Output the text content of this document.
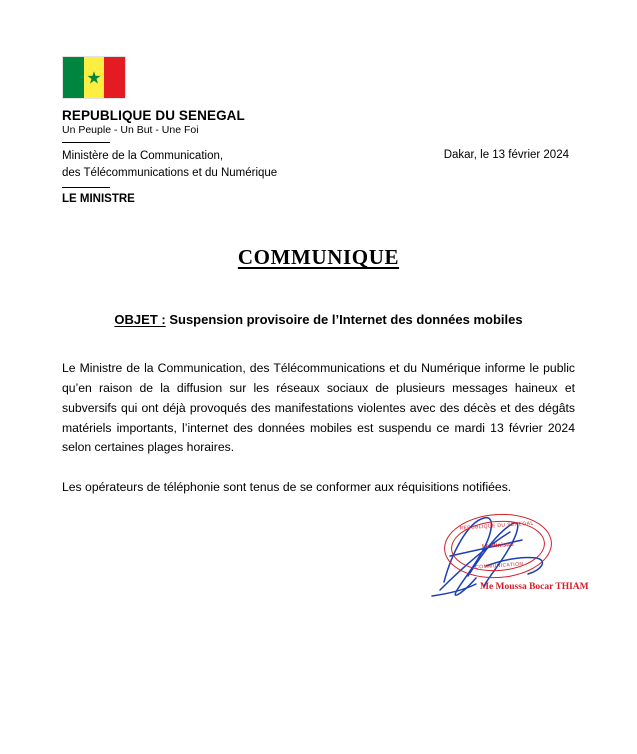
★
REPUBLIQUE DU SENEGAL
Un Peuple - Un But - Une Foi
Ministère de la Communication,
des Télécommunications et du Numérique
Dakar, le 13 février 2024
LE MINISTRE
COMMUNIQUE
OBJET : Suspension provisoire de l’Internet des données mobiles

Le Ministre de la Communication, des Télécommunications et du Numérique informe le public qu’en raison de la diffusion sur les réseaux sociaux de plusieurs messages haineux et subversifs qui ont déjà provoqués des manifestations violentes avec des décès et des dégâts matériels importants, l’internet des données mobiles est suspendu ce mardi 13 février 2024 selon certaines plages horaires.

Les opérateurs de téléphonie sont tenus de se conformer aux réquisitions notifiées.

REPUBLIQUE DU SENEGAL
Le Ministre
COMMUNICATION
Me Moussa Bocar THIAM
